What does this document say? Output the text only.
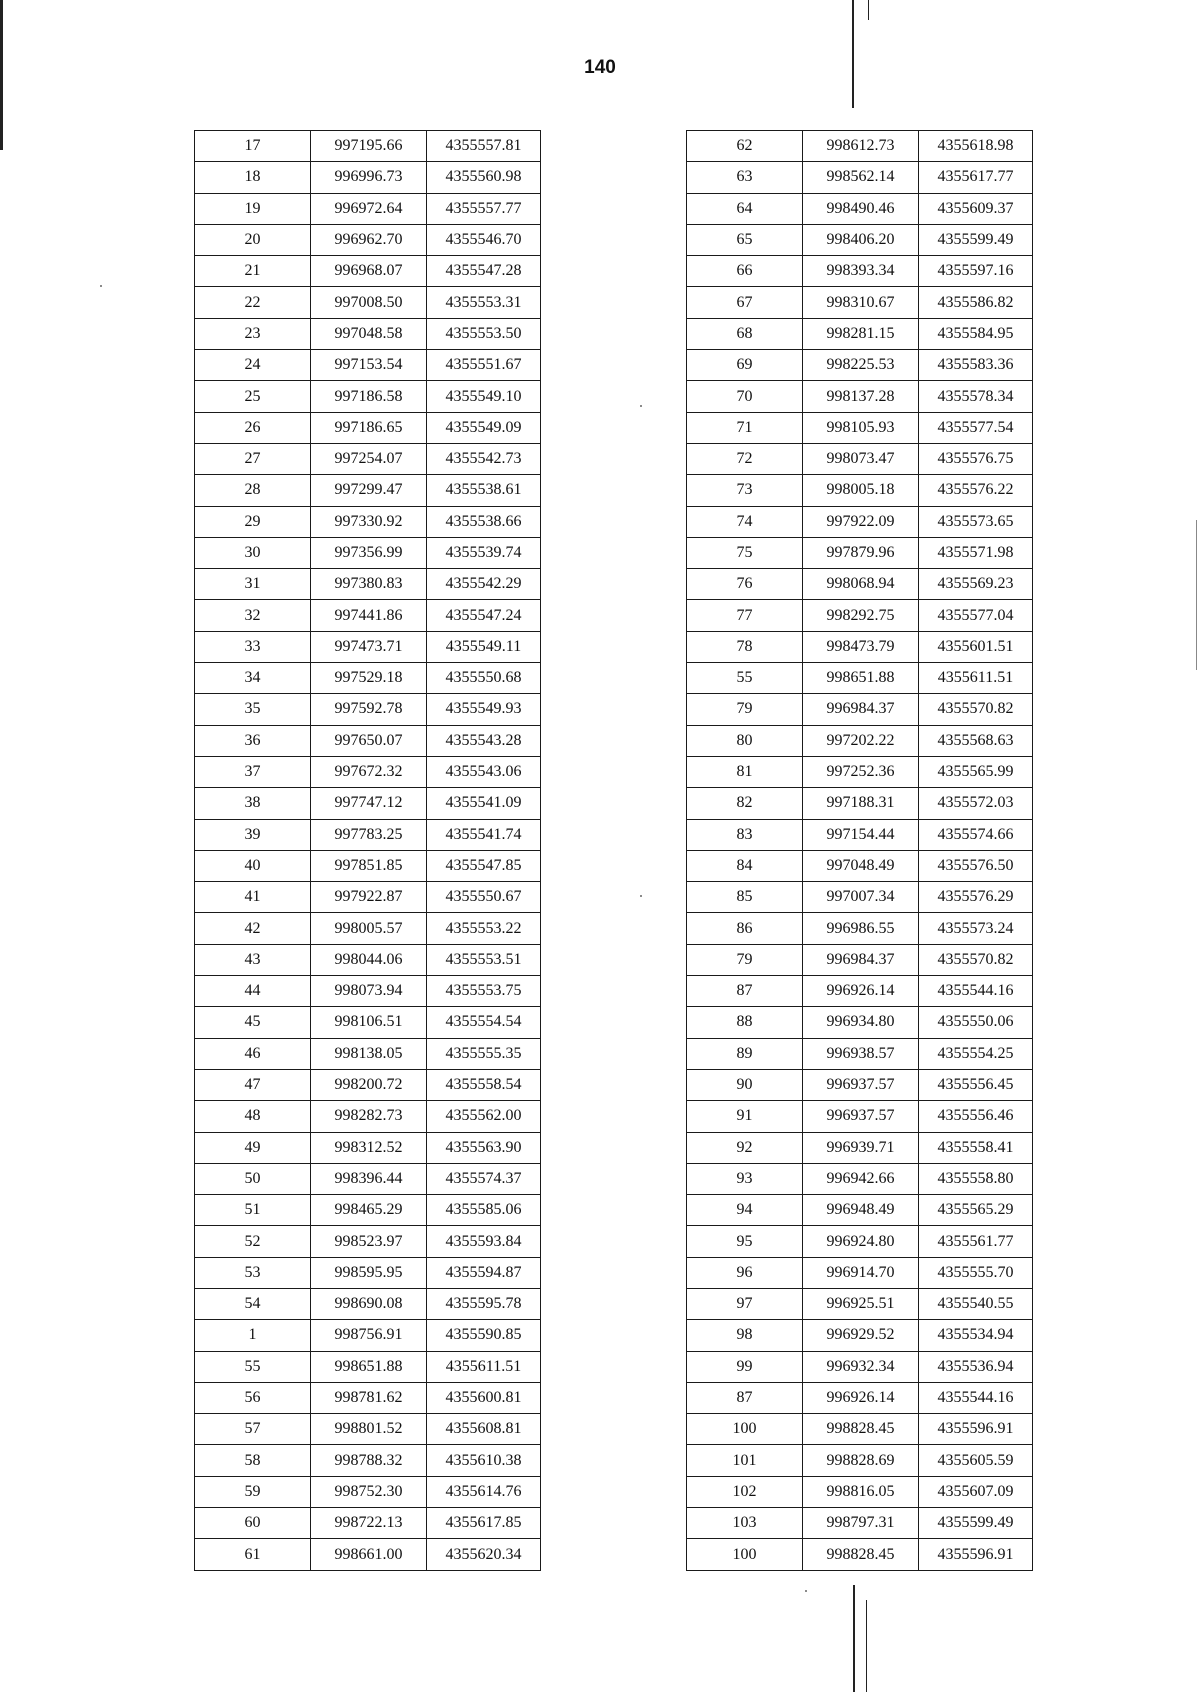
140
17	997195.66	4355557.81
18	996996.73	4355560.98
19	996972.64	4355557.77
20	996962.70	4355546.70
21	996968.07	4355547.28
22	997008.50	4355553.31
23	997048.58	4355553.50
24	997153.54	4355551.67
25	997186.58	4355549.10
26	997186.65	4355549.09
27	997254.07	4355542.73
28	997299.47	4355538.61
29	997330.92	4355538.66
30	997356.99	4355539.74
31	997380.83	4355542.29
32	997441.86	4355547.24
33	997473.71	4355549.11
34	997529.18	4355550.68
35	997592.78	4355549.93
36	997650.07	4355543.28
37	997672.32	4355543.06
38	997747.12	4355541.09
39	997783.25	4355541.74
40	997851.85	4355547.85
41	997922.87	4355550.67
42	998005.57	4355553.22
43	998044.06	4355553.51
44	998073.94	4355553.75
45	998106.51	4355554.54
46	998138.05	4355555.35
47	998200.72	4355558.54
48	998282.73	4355562.00
49	998312.52	4355563.90
50	998396.44	4355574.37
51	998465.29	4355585.06
52	998523.97	4355593.84
53	998595.95	4355594.87
54	998690.08	4355595.78
1	998756.91	4355590.85
55	998651.88	4355611.51
56	998781.62	4355600.81
57	998801.52	4355608.81
58	998788.32	4355610.38
59	998752.30	4355614.76
60	998722.13	4355617.85
61	998661.00	4355620.34
62	998612.73	4355618.98
63	998562.14	4355617.77
64	998490.46	4355609.37
65	998406.20	4355599.49
66	998393.34	4355597.16
67	998310.67	4355586.82
68	998281.15	4355584.95
69	998225.53	4355583.36
70	998137.28	4355578.34
71	998105.93	4355577.54
72	998073.47	4355576.75
73	998005.18	4355576.22
74	997922.09	4355573.65
75	997879.96	4355571.98
76	998068.94	4355569.23
77	998292.75	4355577.04
78	998473.79	4355601.51
55	998651.88	4355611.51
79	996984.37	4355570.82
80	997202.22	4355568.63
81	997252.36	4355565.99
82	997188.31	4355572.03
83	997154.44	4355574.66
84	997048.49	4355576.50
85	997007.34	4355576.29
86	996986.55	4355573.24
79	996984.37	4355570.82
87	996926.14	4355544.16
88	996934.80	4355550.06
89	996938.57	4355554.25
90	996937.57	4355556.45
91	996937.57	4355556.46
92	996939.71	4355558.41
93	996942.66	4355558.80
94	996948.49	4355565.29
95	996924.80	4355561.77
96	996914.70	4355555.70
97	996925.51	4355540.55
98	996929.52	4355534.94
99	996932.34	4355536.94
87	996926.14	4355544.16
100	998828.45	4355596.91
101	998828.69	4355605.59
102	998816.05	4355607.09
103	998797.31	4355599.49
100	998828.45	4355596.91
